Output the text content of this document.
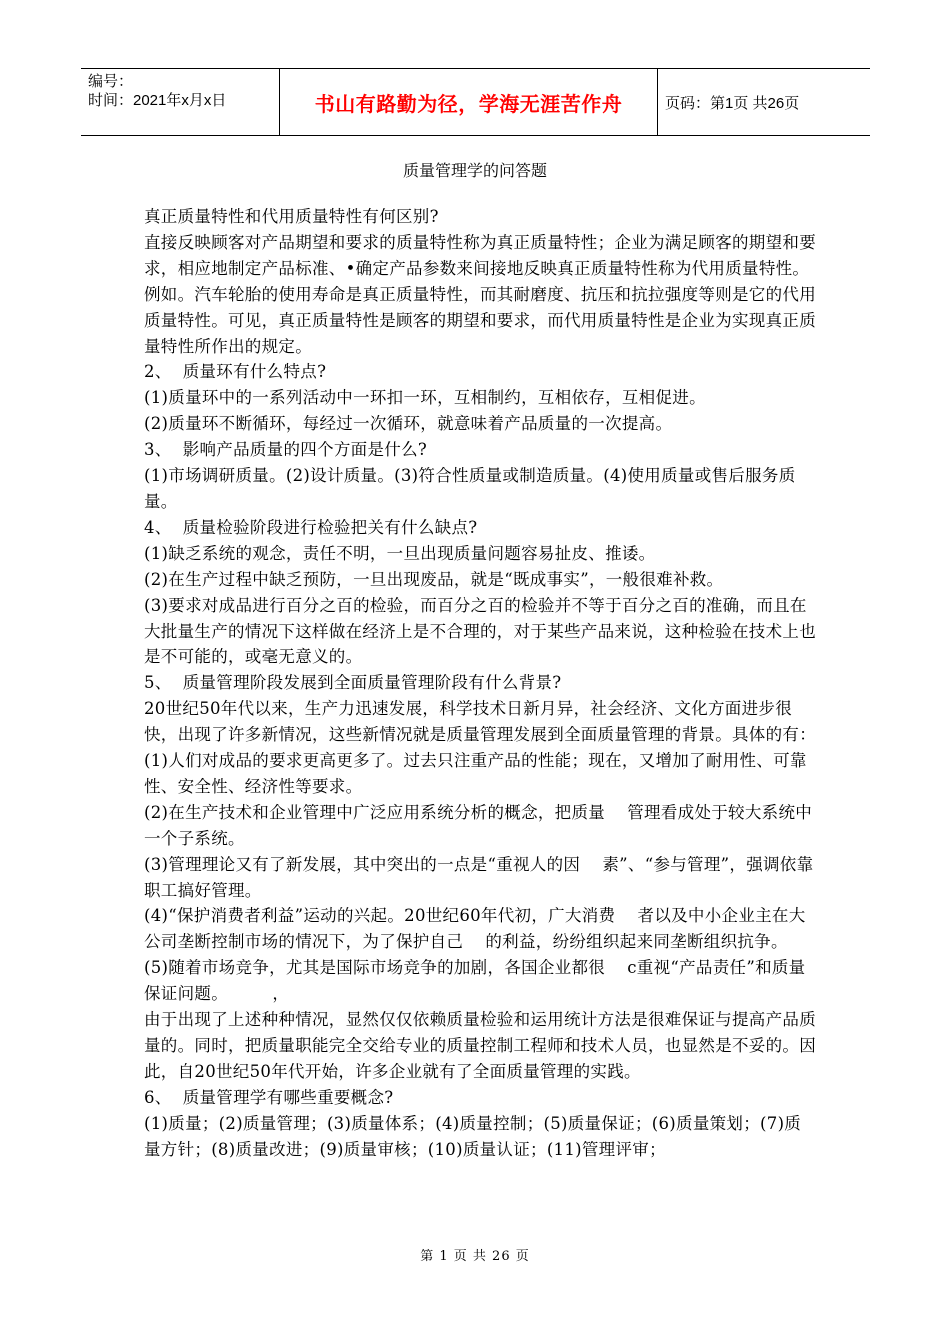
编号：
时间：2021年x月x日	书山有路勤为径，学海无涯苦作舟	页码：第1页 共26页
质量管理学的问答题

真正质量特性和代用质量特性有何区别?

直接反映顾客对产品期望和要求的质量特性称为真正质量特性；企业为满足顾客的期望和要求，相应地制定产品标准、•确定产品参数来间接地反映真正质量特性称为代用质量特性。例如。汽车轮胎的使用寿命是真正质量特性，而其耐磨度、抗压和抗拉强度等则是它的代用质量特性。可见，真正质量特性是顾客的期望和要求，而代用质量特性是企业为实现真正质量特性所作出的规定。

2、  质量环有什么特点?

(1)质量环中的一系列活动中一环扣一环，互相制约，互相依存，互相促进。

(2)质量环不断循环，每经过一次循环，就意味着产品质量的一次提高。

3、  影响产品质量的四个方面是什么?

(1)市场调研质量。(2)设计质量。(3)符合性质量或制造质量。(4)使用质量或售后服务质量。

4、  质量检验阶段进行检验把关有什么缺点?

(1)缺乏系统的观念，责任不明，一旦出现质量问题容易扯皮、推诿。

(2)在生产过程中缺乏预防，一旦出现废品，就是“既成事实”，一般很难补救。

(3)要求对成品进行百分之百的检验，而百分之百的检验并不等于百分之百的准确，而且在大批量生产的情况下这样做在经济上是不合理的，对于某些产品来说，这种检验在技术上也是不可能的，或毫无意义的。

5、  质量管理阶段发展到全面质量管理阶段有什么背景?

20世纪50年代以来，生产力迅速发展，科学技术日新月异，社会经济、文化方面进步很快，出现了许多新情况，这些新情况就是质量管理发展到全面质量管理的背景。具体的有：

(1)人们对成品的要求更高更多了。过去只注重产品的性能；现在，又增加了耐用性、可靠性、安全性、经济性等要求。

(2)在生产技术和企业管理中广泛应用系统分析的概念，把质量    管理看成处于较大系统中一个子系统。

(3)管理理论又有了新发展，其中突出的一点是“重视人的因    素”、“参与管理”，强调依靠职工搞好管理。

(4)“保护消费者利益”运动的兴起。20世纪60年代初，广大消费    者以及中小企业主在大公司垄断控制市场的情况下，为了保护自己    的利益，纷纷组织起来同垄断组织抗争。

(5)随着市场竞争，尤其是国际市场竞争的加剧，各国企业都很    c重视“产品责任”和质量保证问题。        ，

由于出现了上述种种情况，显然仅仅依赖质量检验和运用统计方法是很难保证与提高产品质量的。同时，把质量职能完全交给专业的质量控制工程师和技术人员，也显然是不妥的。因此，自20世纪50年代开始，许多企业就有了全面质量管理的实践。

6、  质量管理学有哪些重要概念?

(1)质量；(2)质量管理；(3)质量体系；(4)质量控制；(5)质量保证；(6)质量策划；(7)质量方针；(8)质量改进；(9)质量审核；(10)质量认证；(11)管理评审；

第 1 页 共 26 页
